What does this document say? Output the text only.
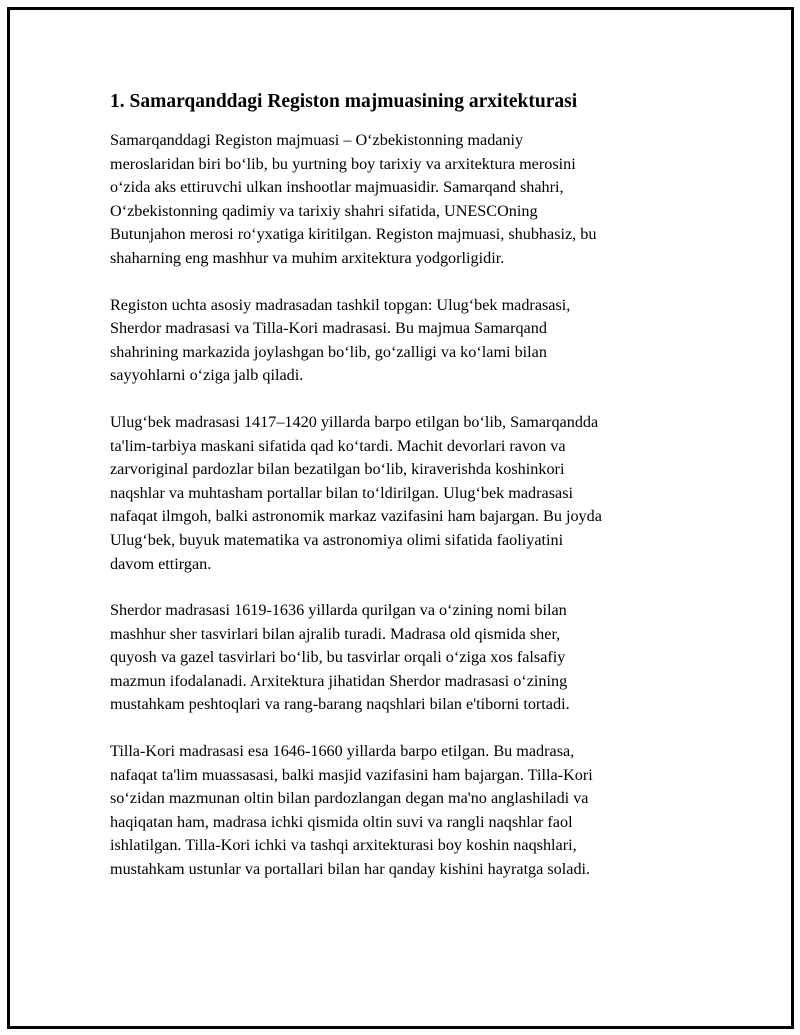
1. Samarqanddagi Registon majmuasining arxitekturasi

Samarqanddagi Registon majmuasi – O‘zbekistonning madaniy
meroslaridan biri bo‘lib, bu yurtning boy tarixiy va arxitektura merosini
o‘zida aks ettiruvchi ulkan inshootlar majmuasidir. Samarqand shahri,
O‘zbekistonning qadimiy va tarixiy shahri sifatida, UNESCOning
Butunjahon merosi ro‘yxatiga kiritilgan. Registon majmuasi, shubhasiz, bu
shaharning eng mashhur va muhim arxitektura yodgorligidir.

Registon uchta asosiy madrasadan tashkil topgan: Ulug‘bek madrasasi,
Sherdor madrasasi va Tilla-Kori madrasasi. Bu majmua Samarqand
shahrining markazida joylashgan bo‘lib, go‘zalligi va ko‘lami bilan
sayyohlarni o‘ziga jalb qiladi.

Ulug‘bek madrasasi 1417–1420 yillarda barpo etilgan bo‘lib, Samarqandda
ta'lim-tarbiya maskani sifatida qad ko‘tardi. Machit devorlari ravon va
zarvoriginal pardozlar bilan bezatilgan bo‘lib, kiraverishda koshinkori
naqshlar va muhtasham portallar bilan to‘ldirilgan. Ulug‘bek madrasasi
nafaqat ilmgoh, balki astronomik markaz vazifasini ham bajargan. Bu joyda
Ulug‘bek, buyuk matematika va astronomiya olimi sifatida faoliyatini
davom ettirgan.

Sherdor madrasasi 1619-1636 yillarda qurilgan va o‘zining nomi bilan
mashhur sher tasvirlari bilan ajralib turadi. Madrasa old qismida sher,
quyosh va gazel tasvirlari bo‘lib, bu tasvirlar orqali o‘ziga xos falsafiy
mazmun ifodalanadi. Arxitektura jihatidan Sherdor madrasasi o‘zining
mustahkam peshtoqlari va rang-barang naqshlari bilan e'tiborni tortadi.

Tilla-Kori madrasasi esa 1646-1660 yillarda barpo etilgan. Bu madrasa,
nafaqat ta'lim muassasasi, balki masjid vazifasini ham bajargan. Tilla-Kori
so‘zidan mazmunan oltin bilan pardozlangan degan ma'no anglashiladi va
haqiqatan ham, madrasa ichki qismida oltin suvi va rangli naqshlar faol
ishlatilgan. Tilla-Kori ichki va tashqi arxitekturasi boy koshin naqshlari,
mustahkam ustunlar va portallari bilan har qanday kishini hayratga soladi.
